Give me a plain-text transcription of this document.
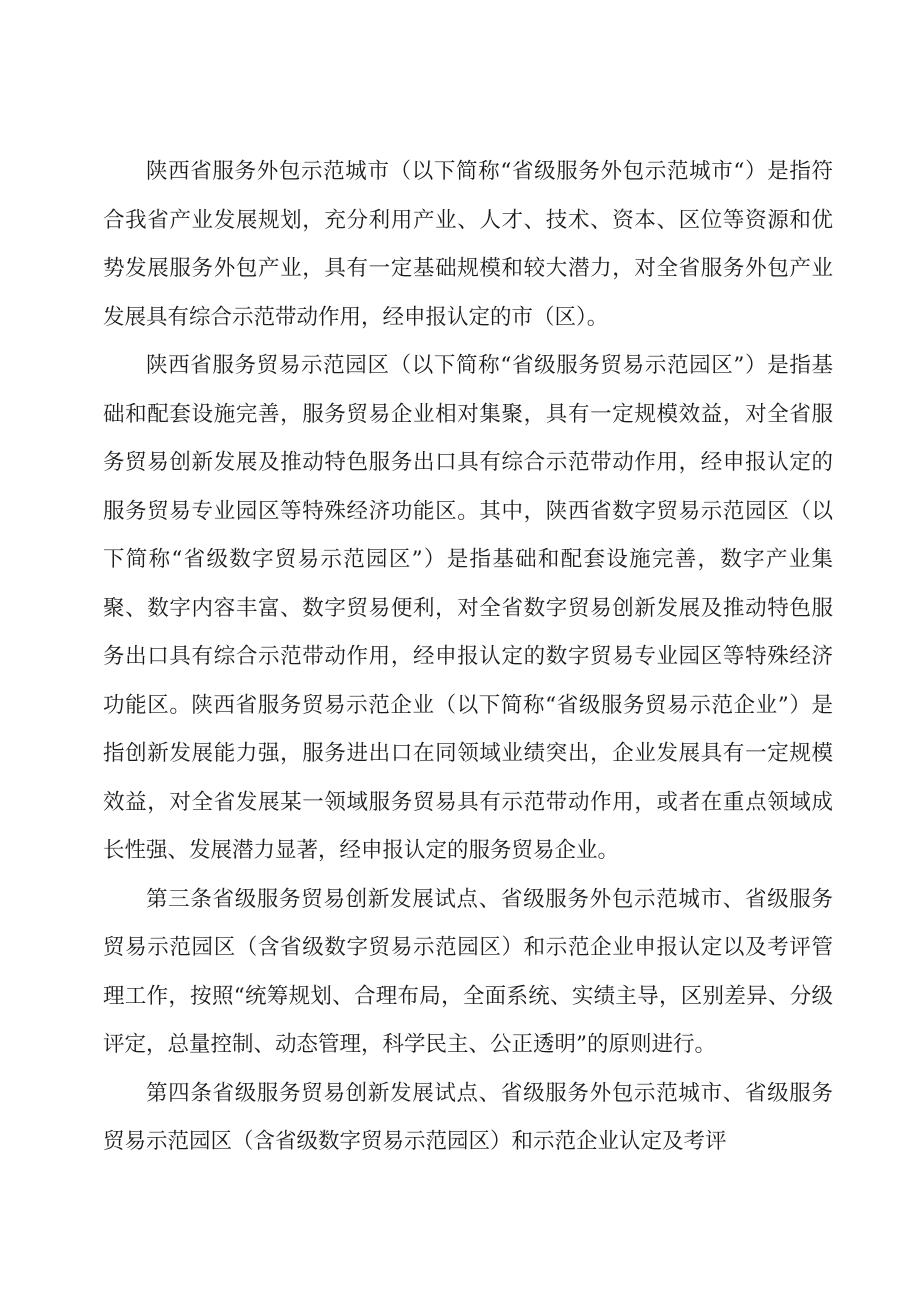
陕西省服务外包示范城市（以下简称“省级服务外包示范城市“）是指符合我省产业发展规划，充分利用产业、人才、技术、资本、区位等资源和优势发展服务外包产业，具有一定基础规模和较大潜力，对全省服务外包产业发展具有综合示范带动作用，经申报认定的市（区）。

陕西省服务贸易示范园区（以下简称“省级服务贸易示范园区”）是指基础和配套设施完善，服务贸易企业相对集聚，具有一定规模效益，对全省服务贸易创新发展及推动特色服务出口具有综合示范带动作用，经申报认定的服务贸易专业园区等特殊经济功能区。其中，陕西省数字贸易示范园区（以下简称“省级数字贸易示范园区”）是指基础和配套设施完善，数字产业集聚、数字内容丰富、数字贸易便利，对全省数字贸易创新发展及推动特色服务出口具有综合示范带动作用，经申报认定的数字贸易专业园区等特殊经济功能区。陕西省服务贸易示范企业（以下简称“省级服务贸易示范企业”）是指创新发展能力强，服务进出口在同领域业绩突出，企业发展具有一定规模效益，对全省发展某一领域服务贸易具有示范带动作用，或者在重点领域成长性强、发展潜力显著，经申报认定的服务贸易企业。

第三条省级服务贸易创新发展试点、省级服务外包示范城市、省级服务贸易示范园区（含省级数字贸易示范园区）和示范企业申报认定以及考评管理工作，按照“统筹规划、合理布局，全面系统、实绩主导，区别差异、分级评定，总量控制、动态管理，科学民主、公正透明”的原则进行。

第四条省级服务贸易创新发展试点、省级服务外包示范城市、省级服务贸易示范园区（含省级数字贸易示范园区）和示范企业认定及考评
